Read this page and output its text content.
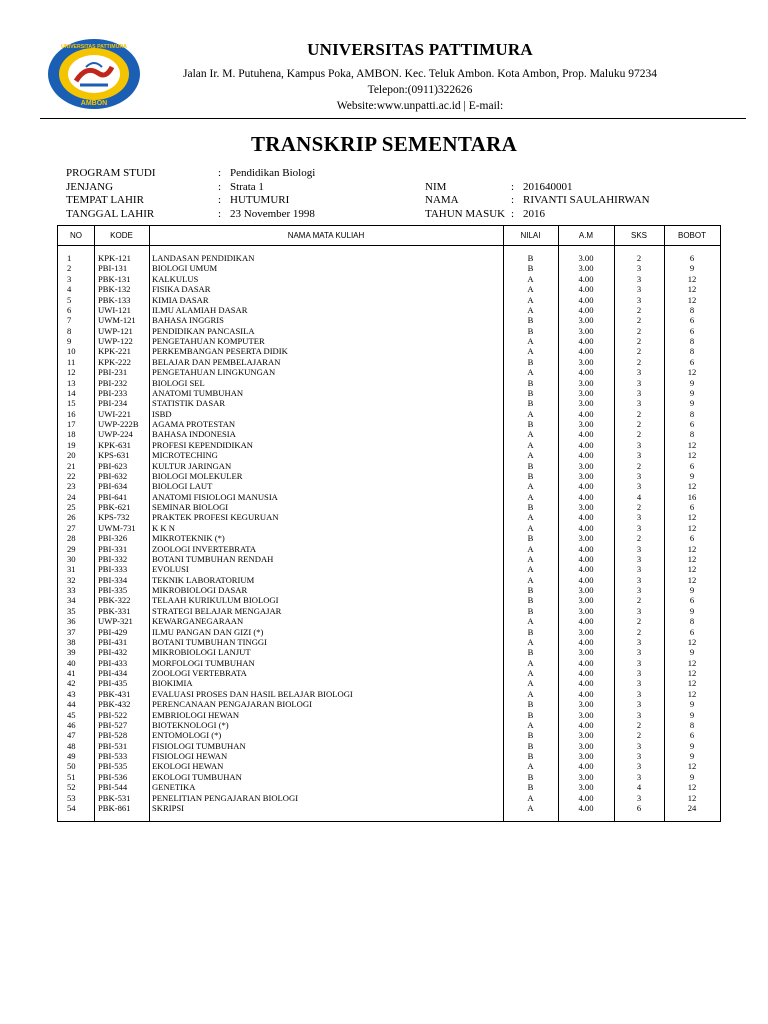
AMBON
UNIVERSITAS PATTIMURA	UNIVERSITAS PATTIMURA
Jalan Ir. M. Putuhena, Kampus Poka, AMBON. Kec. Teluk Ambon. Kota Ambon, Prop. Maluku 97234
Telepon:(0911)322626
Website:www.unpatti.ac.id | E-mail:
TRANSKRIP SEMENTARA
PROGRAM STUDI	: Pendidikan Biologi
JENJANG	: Strata 1
TEMPAT LAHIR	: HUTUMURI
TANGGAL LAHIR	: 23 November 1998
NIM	: 201640001
NAMA	: RIVANTI SAULAHIRWAN
TAHUN MASUK : 2016
NO	KODE	NAMA MATA KULIAH	NILAI	A.M	SKS	BOBOT
1	KPK-121 LANDASAN PENDIDIKAN	B	3.00	2	6
2	PBI-131	BIOLOGI UMUM	B	3.00	3	9
3	PBK-131	KALKULUS	A	4.00	3	12
4	PBK-132	FISIKA DASAR	A	4.00	3	12
5	PBK-133	KIMIA DASAR	A	4.00	3	12
6	UWI-121 ILMU ALAMIAH DASAR	A	4.00	2	8
7	UWM-121 BAHASA INGGRIS	B	3.00	2	6
8	UWP-121 PENDIDIKAN PANCASILA	B	3.00	2	6
9	UWP-122 PENGETAHUAN KOMPUTER	A	4.00	2	8
10	KPK-221 PERKEMBANGAN PESERTA DIDIK	A	4.00	2	8
11	KPK-222 BELAJAR DAN PEMBELAJARAN	B	3.00	2	6
12	PBI-231	PENGETAHUAN LINGKUNGAN	A	4.00	3	12
13	PBI-232	BIOLOGI SEL	B	3.00	3	9
14	PBI-233	ANATOMI TUMBUHAN	B	3.00	3	9
15	PBI-234	STATISTIK DASAR	B	3.00	3	9
16	UWI-221 ISBD	A	4.00	2	8
17	UWP-222B AGAMA PROTESTAN	B	3.00	2	6
18	UWP-224 BAHASA INDONESIA	A	4.00	2	8
19	KPK-631 PROFESI KEPENDIDIKAN	A	4.00	3	12
20	KPS-631	MICROTECHING	A	4.00	3	12
21	PBI-623	KULTUR JARINGAN	B	3.00	2	6
22	PBI-632	BIOLOGI MOLEKULER	B	3.00	3	9
23	PBI-634	BIOLOGI LAUT	A	4.00	3	12
24	PBI-641	ANATOMI FISIOLOGI MANUSIA	A	4.00	4	16
25	PBK-621	SEMINAR BIOLOGI	B	3.00	2	6
26	KPS-732	PRAKTEK PROFESI KEGURUAN	A	4.00	3	12
27	UWM-731 K K N	A	4.00	3	12
28	PBI-326	MIKROTEKNIK (*)	B	3.00	2	6
29	PBI-331	ZOOLOGI INVERTEBRATA	A	4.00	3	12
30	PBI-332	BOTANI TUMBUHAN RENDAH	A	4.00	3	12
31	PBI-333	EVOLUSI	A	4.00	3	12
32	PBI-334	TEKNIK LABORATORIUM	A	4.00	3	12
33	PBI-335	MIKROBIOLOGI DASAR	B	3.00	3	9
34	PBK-322	TELAAH KURIKULUM BIOLOGI	B	3.00	2	6
35	PBK-331	STRATEGI BELAJAR MENGAJAR	B	3.00	3	9
36	UWP-321 KEWARGANEGARAAN	A	4.00	2	8
37	PBI-429	ILMU PANGAN DAN GIZI (*)	B	3.00	2	6
38	PBI-431	BOTANI TUMBUHAN TINGGI	A	4.00	3	12
39	PBI-432	MIKROBIOLOGI LANJUT	B	3.00	3	9
40	PBI-433	MORFOLOGI TUMBUHAN	A	4.00	3	12
41	PBI-434	ZOOLOGI VERTEBRATA	A	4.00	3	12
42	PBI-435	BIOKIMIA	A	4.00	3	12
43	PBK-431	EVALUASI PROSES DAN HASIL BELAJAR BIOLOGI	A	4.00	3	12
44	PBK-432	PERENCANAAN PENGAJARAN BIOLOGI	B	3.00	3	9
45	PBI-522	EMBRIOLOGI HEWAN	B	3.00	3	9
46	PBI-527	BIOTEKNOLOGI (*)	A	4.00	2	8
47	PBI-528	ENTOMOLOGI (*)	B	3.00	2	6
48	PBI-531	FISIOLOGI TUMBUHAN	B	3.00	3	9
49	PBI-533	FISIOLOGI HEWAN	B	3.00	3	9
50	PBI-535	EKOLOGI HEWAN	A	4.00	3	12
51	PBI-536	EKOLOGI TUMBUHAN	B	3.00	3	9
52	PBI-544	GENETIKA	B	3.00	4	12
53	PBK-531	PENELITIAN PENGAJARAN BIOLOGI	A	4.00	3	12
54	PBK-861	SKRIPSI	A	4.00	6	24
